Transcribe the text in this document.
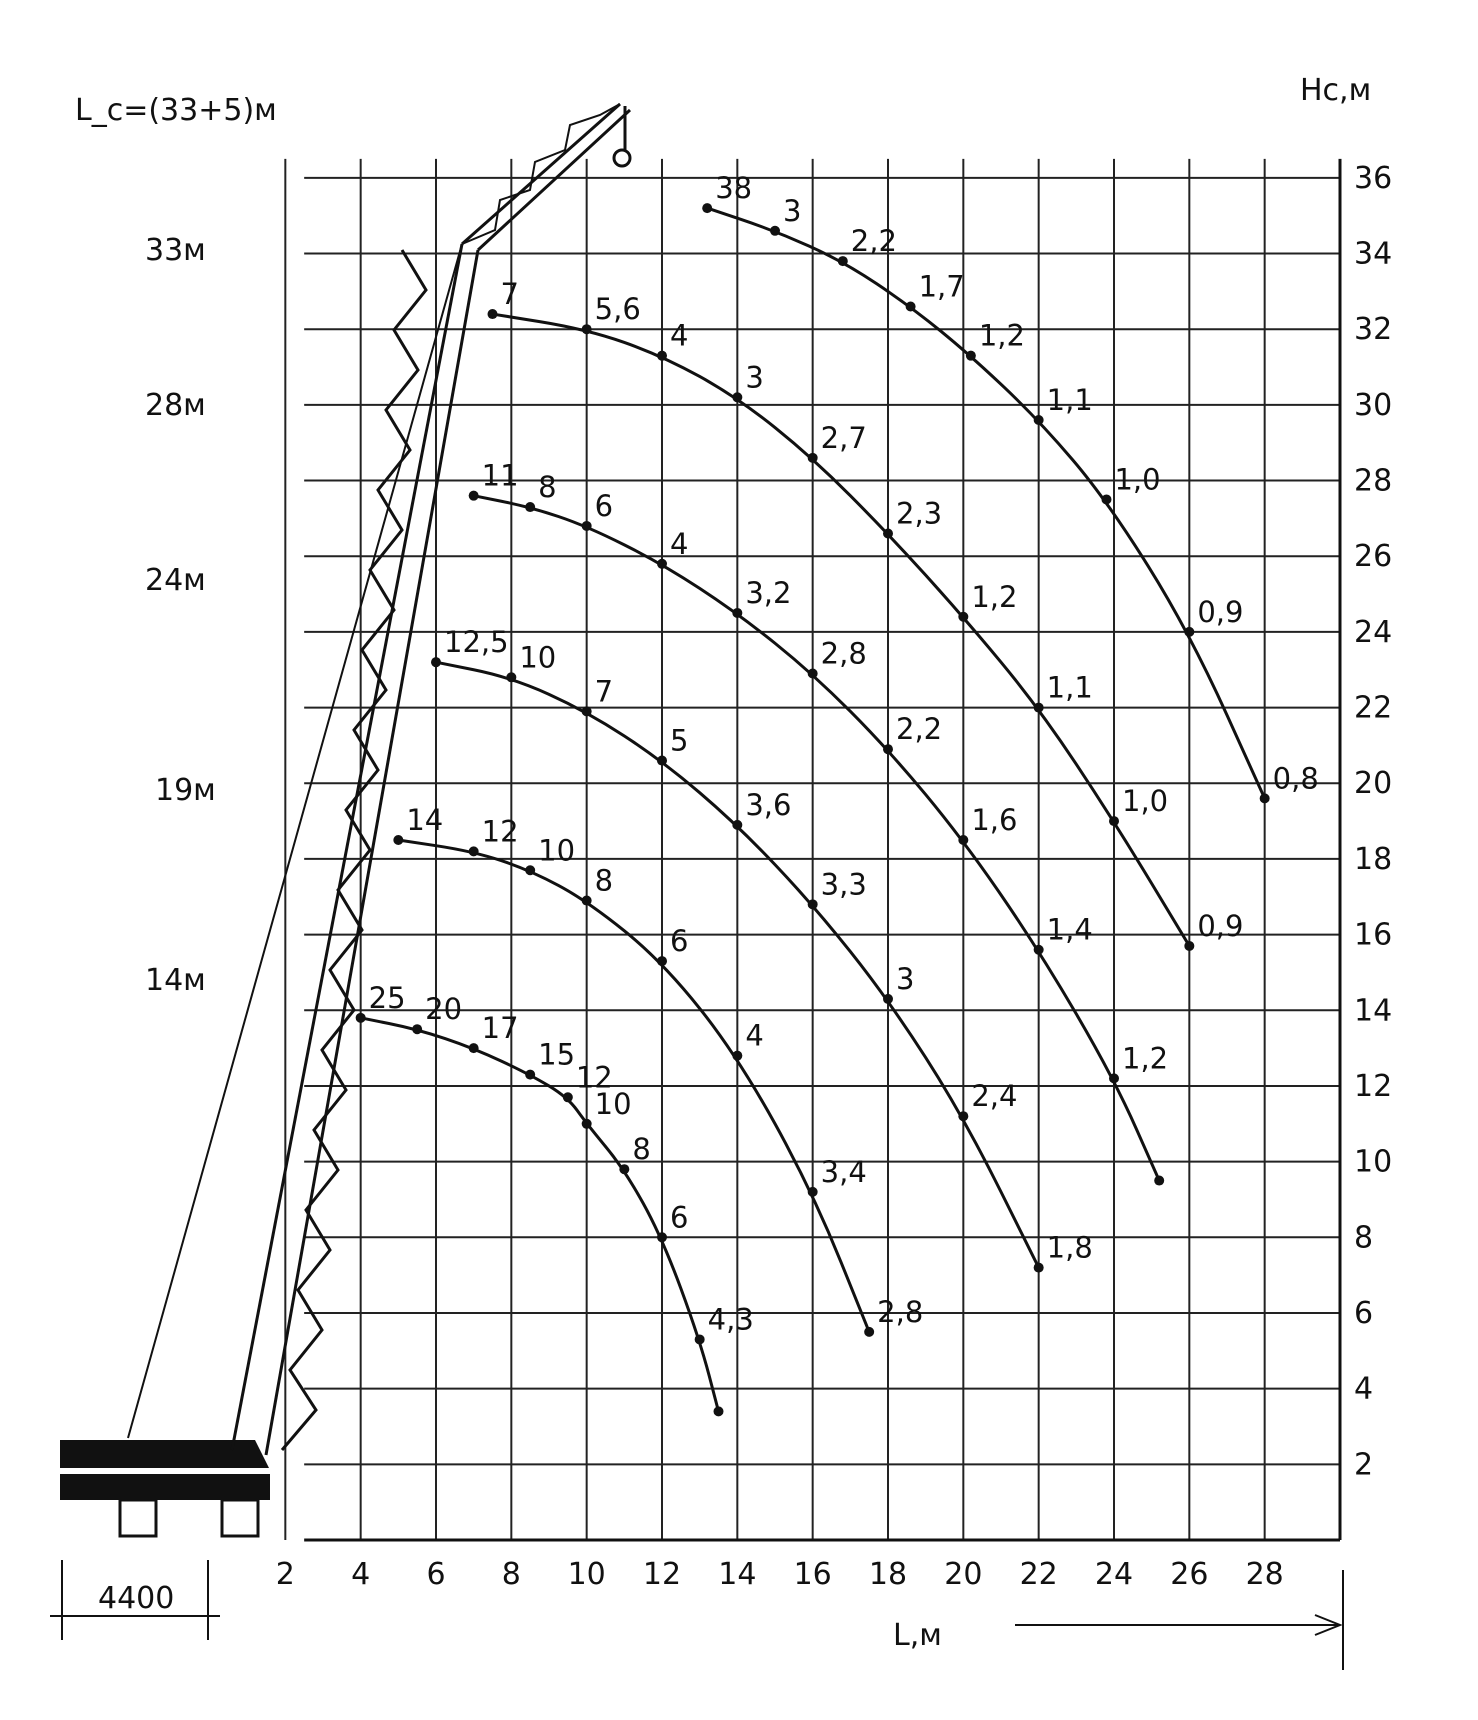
38
3
2,2
1,7
1,2
1,1
1,0
0,9
0,8
7	5,6
4
3
2,7
2,3
1,2
1,1
1,0
0,9
11 8
6
4
3,2
2,8
2,2
1,6
1,4
1,2
12,5 10
7
5
3,6
3,3
3
2,4
1,8
14 12
10
8
6
4
3,4
2,8
25 20
17
15
12
10
8
6
4,3
2 4 6 8 10 12 14 16 18 20 22 24 26 28
2
4
6
8
10
12
14
16
18
20
22
24
26
28
30
32
34
36
33м
28м
24м
19м
14м
L_c=(33+5)м
Hc,м
L,м
4400
